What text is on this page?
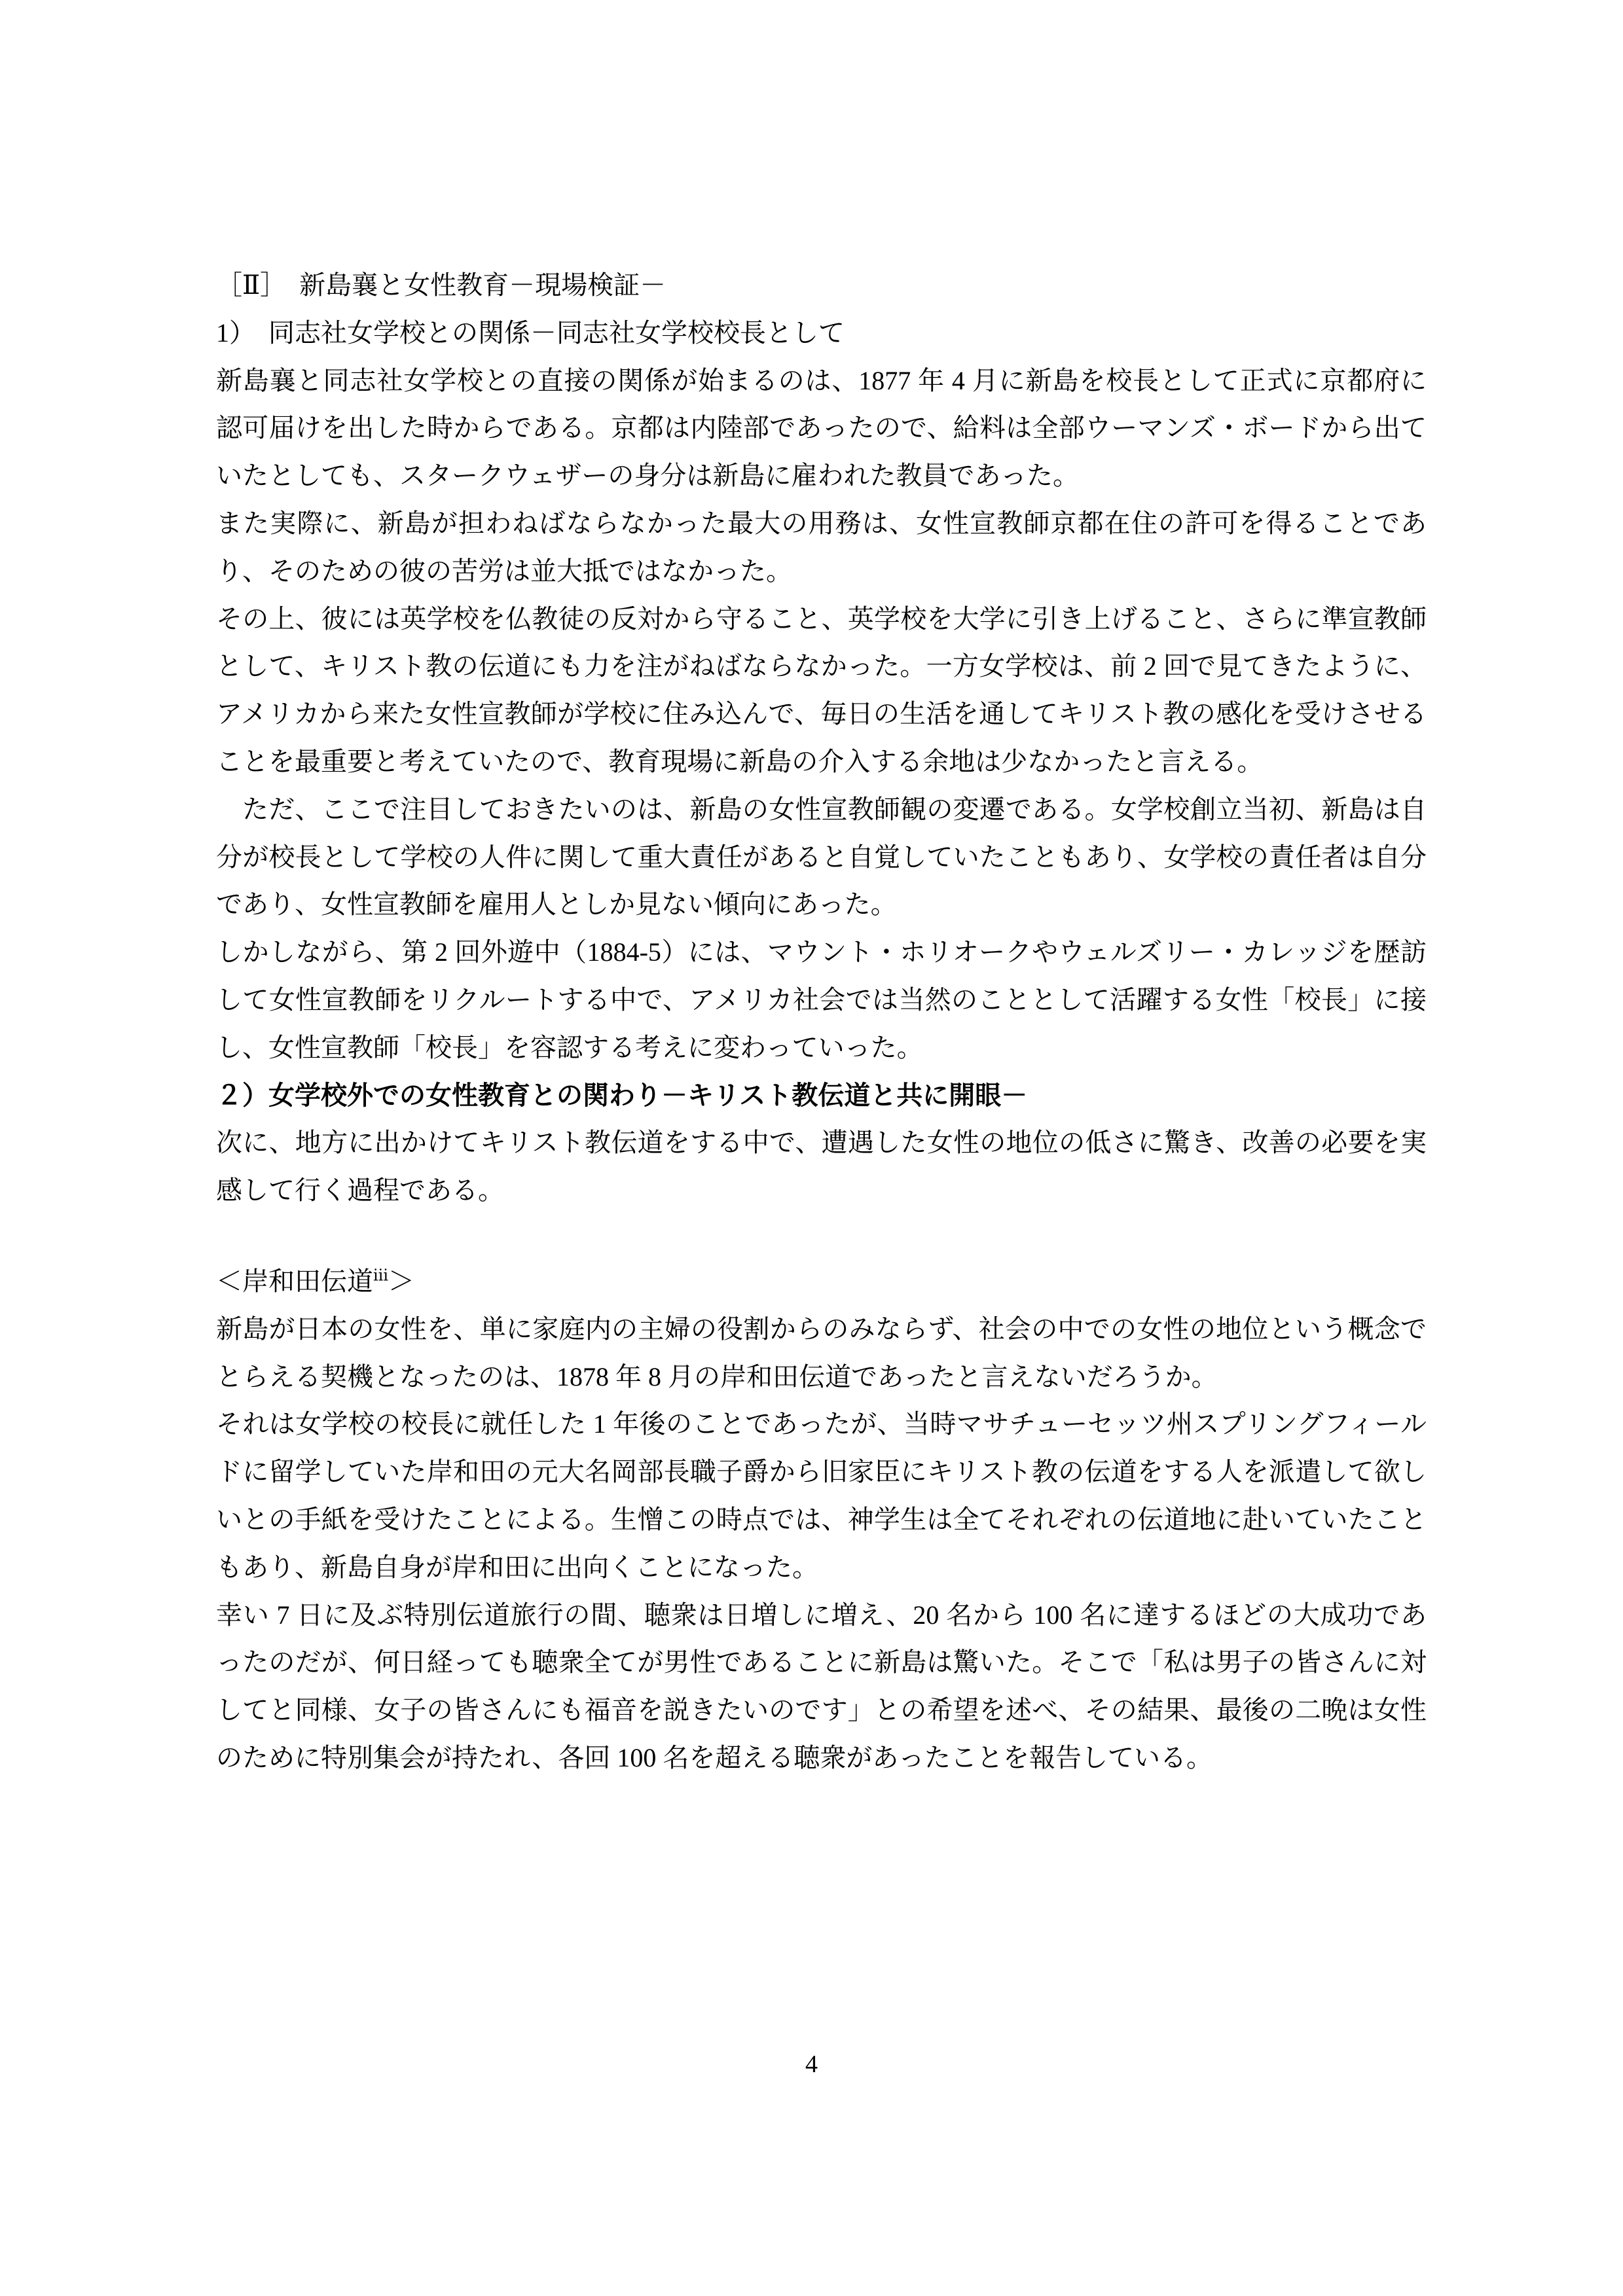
［Ⅱ］　新島襄と女性教育－現場検証－

1）　同志社女学校との関係－同志社女学校校長として

新島襄と同志社女学校との直接の関係が始まるのは、1877 年 4 月に新島を校長として正式に京都府に認可届けを出した時からである。京都は内陸部であったので、給料は全部ウーマンズ・ボードから出ていたとしても、スタークウェザーの身分は新島に雇われた教員であった。

また実際に、新島が担わねばならなかった最大の用務は、女性宣教師京都在住の許可を得ることであり、そのための彼の苦労は並大抵ではなかった。

その上、彼には英学校を仏教徒の反対から守ること、英学校を大学に引き上げること、さらに準宣教師として、キリスト教の伝道にも力を注がねばならなかった。一方女学校は、前 2 回で見てきたように、アメリカから来た女性宣教師が学校に住み込んで、毎日の生活を通してキリスト教の感化を受けさせることを最重要と考えていたので、教育現場に新島の介入する余地は少なかったと言える。

ただ、ここで注目しておきたいのは、新島の女性宣教師観の変遷である。女学校創立当初、新島は自分が校長として学校の人件に関して重大責任があると自覚していたこともあり、女学校の責任者は自分であり、女性宣教師を雇用人としか見ない傾向にあった。

しかしながら、第 2 回外遊中（1884-5）には、マウント・ホリオークやウェルズリー・カレッジを歴訪して女性宣教師をリクルートする中で、アメリカ社会では当然のこととして活躍する女性「校長」に接し、女性宣教師「校長」を容認する考えに変わっていった。

２）女学校外での女性教育との関わり－キリスト教伝道と共に開眼－

次に、地方に出かけてキリスト教伝道をする中で、遭遇した女性の地位の低さに驚き、改善の必要を実感して行く過程である。

＜岸和田伝道$^ⅲ$＞

新島が日本の女性を、単に家庭内の主婦の役割からのみならず、社会の中での女性の地位という概念でとらえる契機となったのは、1878 年 8 月の岸和田伝道であったと言えないだろうか。

それは女学校の校長に就任した 1 年後のことであったが、当時マサチューセッツ州スプリングフィールドに留学していた岸和田の元大名岡部長職子爵から旧家臣にキリスト教の伝道をする人を派遣して欲しいとの手紙を受けたことによる。生憎この時点では、神学生は全てそれぞれの伝道地に赴いていたこともあり、新島自身が岸和田に出向くことになった。

幸い 7 日に及ぶ特別伝道旅行の間、聴衆は日増しに増え、20 名から 100 名に達するほどの大成功であったのだが、何日経っても聴衆全てが男性であることに新島は驚いた。そこで「私は男子の皆さんに対してと同様、女子の皆さんにも福音を説きたいのです」との希望を述べ、その結果、最後の二晩は女性のために特別集会が持たれ、各回 100 名を超える聴衆があったことを報告している。

4
